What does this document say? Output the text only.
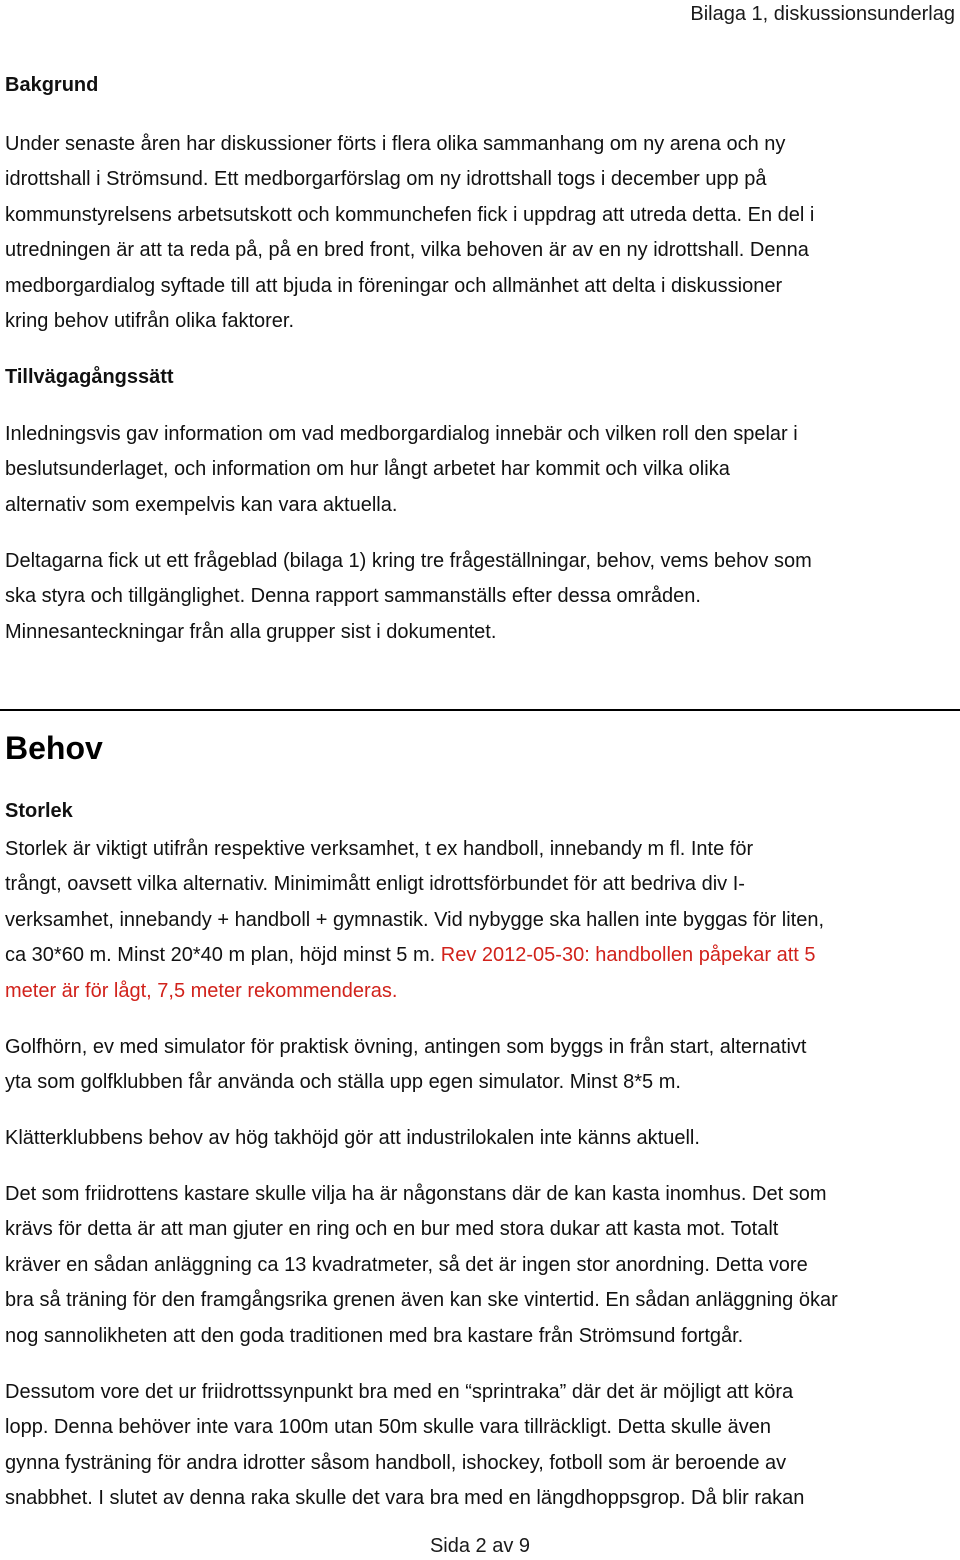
Bilaga 1, diskussionsunderlag
Bakgrund
Under senaste åren har diskussioner förts i flera olika sammanhang om ny arena och ny
idrottshall i Strömsund. Ett medborgarförslag om ny idrottshall togs i december upp på
kommunstyrelsens arbetsutskott och kommunchefen fick i uppdrag att utreda detta. En del i
utredningen är att ta reda på, på en bred front, vilka behoven är av en ny idrottshall. Denna
medborgardialog syftade till att bjuda in föreningar och allmänhet att delta i diskussioner
kring behov utifrån olika faktorer.
Tillvägagångssätt
Inledningsvis gav information om vad medborgardialog innebär och vilken roll den spelar i
beslutsunderlaget, och information om hur långt arbetet har kommit och vilka olika
alternativ som exempelvis kan vara aktuella.
Deltagarna fick ut ett frågeblad (bilaga 1) kring tre frågeställningar, behov, vems behov som
ska styra och tillgänglighet. Denna rapport sammanställs efter dessa områden.
Minnesanteckningar från alla grupper sist i dokumentet.
Behov
Storlek
Storlek är viktigt utifrån respektive verksamhet, t ex handboll, innebandy m fl. Inte för
trångt, oavsett vilka alternativ. Minimimått enligt idrottsförbundet för att bedriva div I-
verksamhet, innebandy + handboll + gymnastik. Vid nybygge ska hallen inte byggas för liten,
ca 30*60 m. Minst 20*40 m plan, höjd minst 5 m. Rev 2012-05-30: handbollen påpekar att 5
meter är för lågt, 7,5 meter rekommenderas.
Golfhörn, ev med simulator för praktisk övning, antingen som byggs in från start, alternativt
yta som golfklubben får använda och ställa upp egen simulator. Minst 8*5 m.
Klätterklubbens behov av hög takhöjd gör att industrilokalen inte känns aktuell.
Det som friidrottens kastare skulle vilja ha är någonstans där de kan kasta inomhus. Det som
krävs för detta är att man gjuter en ring och en bur med stora dukar att kasta mot. Totalt
kräver en sådan anläggning ca 13 kvadratmeter, så det är ingen stor anordning. Detta vore
bra så träning för den framgångsrika grenen även kan ske vintertid. En sådan anläggning ökar
nog sannolikheten att den goda traditionen med bra kastare från Strömsund fortgår.
Dessutom vore det ur friidrottssynpunkt bra med en “sprintraka” där det är möjligt att köra
lopp. Denna behöver inte vara 100m utan 50m skulle vara tillräckligt. Detta skulle även
gynna fysträning för andra idrotter såsom handboll, ishockey, fotboll som är beroende av
snabbhet. I slutet av denna raka skulle det vara bra med en längdhoppsgrop. Då blir rakan
Sida 2 av 9
